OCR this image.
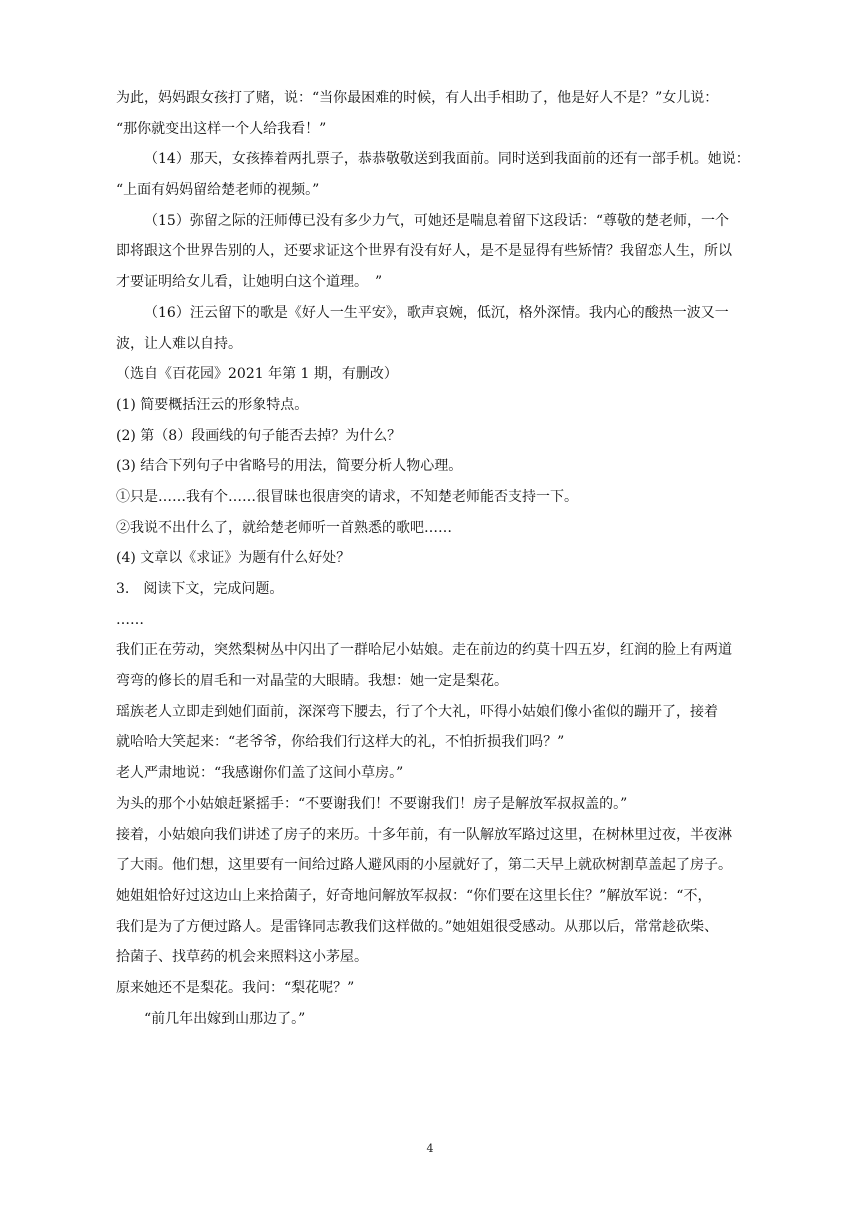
为此，妈妈跟女孩打了赌，说：“当你最困难的时候，有人出手相助了，他是好人不是？”女儿说：
“那你就变出这样一个人给我看！”
（14）那天，女孩捧着两扎票子，恭恭敬敬送到我面前。同时送到我面前的还有一部手机。她说：
“上面有妈妈留给楚老师的视频。”
（15）弥留之际的汪师傅已没有多少力气，可她还是喘息着留下这段话：“尊敬的楚老师，一个
即将跟这个世界告别的人，还要求证这个世界有没有好人，是不是显得有些矫情？我留恋人生，所以
才要证明给女儿看，让她明白这个道理。　”
（16）汪云留下的歌是《好人一生平安》，歌声哀婉，低沉，格外深情。我内心的酸热一波又一
波，让人难以自持。
（选自《百花园》2021 年第 1 期，有删改）
(1) 简要概括汪云的形象特点。
(2) 第（8）段画线的句子能否去掉？为什么？
(3) 结合下列句子中省略号的用法，简要分析人物心理。
①只是……我有个……很冒昧也很唐突的请求，不知楚老师能否支持一下。
②我说不出什么了，就给楚老师听一首熟悉的歌吧……
(4) 文章以《求证》为题有什么好处？
3.　阅读下文，完成问题。
……
我们正在劳动，突然梨树丛中闪出了一群哈尼小姑娘。走在前边的约莫十四五岁，红润的脸上有两道
弯弯的修长的眉毛和一对晶莹的大眼睛。我想：她一定是梨花。
瑶族老人立即走到她们面前，深深弯下腰去，行了个大礼，吓得小姑娘们像小雀似的蹦开了，接着
就哈哈大笑起来：“老爷爷，你给我们行这样大的礼，不怕折损我们吗？”
老人严肃地说：“我感谢你们盖了这间小草房。”
为头的那个小姑娘赶紧摇手：“不要谢我们！不要谢我们！房子是解放军叔叔盖的。”
接着，小姑娘向我们讲述了房子的来历。十多年前，有一队解放军路过这里，在树林里过夜，半夜淋
了大雨。他们想，这里要有一间给过路人避风雨的小屋就好了，第二天早上就砍树割草盖起了房子。
她姐姐恰好过这边山上来拾菌子，好奇地问解放军叔叔：“你们要在这里长住？”解放军说：“不，
我们是为了方便过路人。是雷锋同志教我们这样做的。”她姐姐很受感动。从那以后，常常趁砍柴、
拾菌子、找草药的机会来照料这小茅屋。
原来她还不是梨花。我问：“梨花呢？”
“前几年出嫁到山那边了。”
4
